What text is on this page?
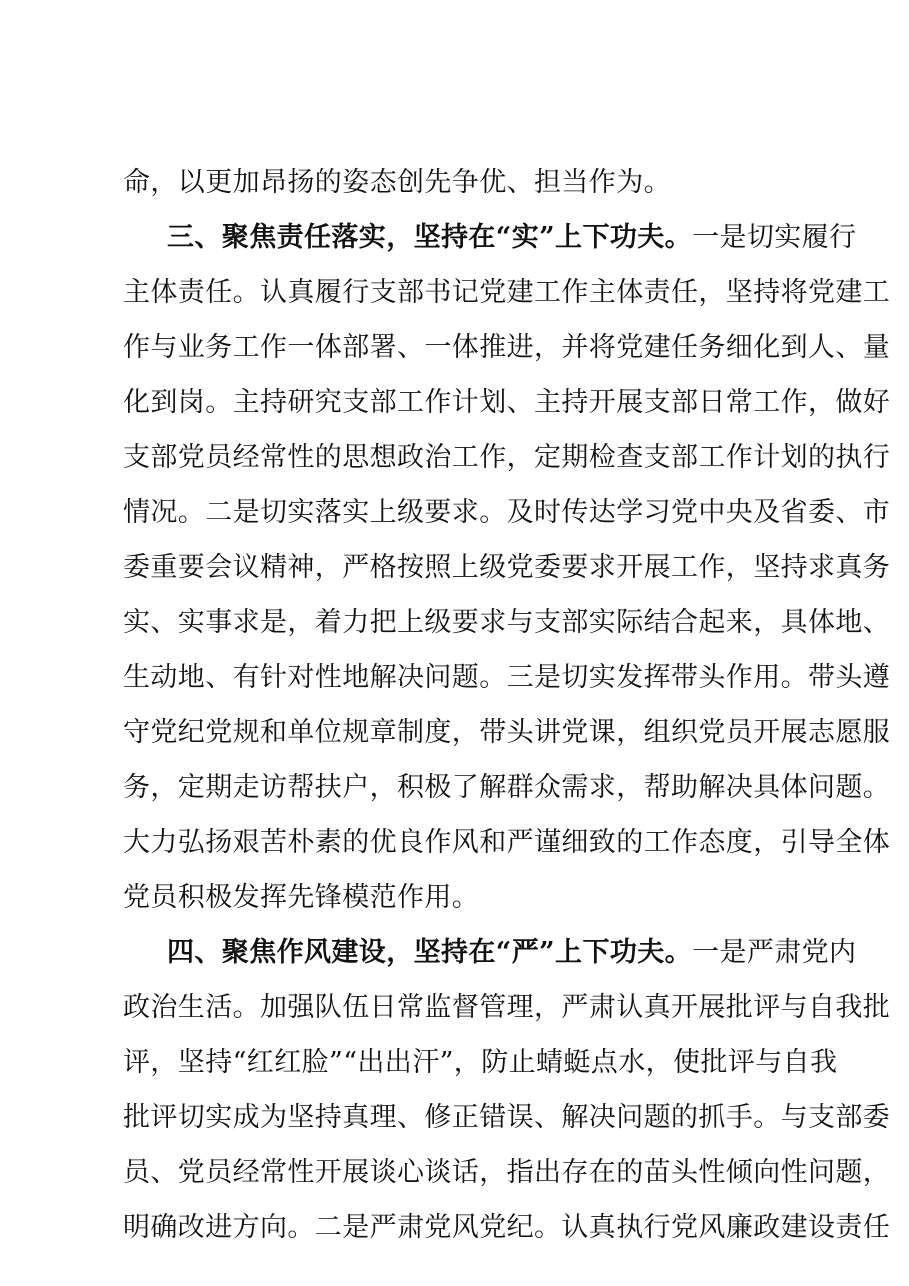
命，以更加昂扬的姿态创先争优、担当作为。
三、聚焦责任落实，坚持在“实”上下功夫。一是切实履行
主体责任。认真履行支部书记党建工作主体责任，坚持将党建工
作与业务工作一体部署、一体推进，并将党建任务细化到人、量
化到岗。主持研究支部工作计划、主持开展支部日常工作，做好
支部党员经常性的思想政治工作，定期检查支部工作计划的执行
情况。二是切实落实上级要求。及时传达学习党中央及省委、市
委重要会议精神，严格按照上级党委要求开展工作，坚持求真务
实、实事求是，着力把上级要求与支部实际结合起来，具体地、
生动地、有针对性地解决问题。三是切实发挥带头作用。带头遵
守党纪党规和单位规章制度，带头讲党课，组织党员开展志愿服
务，定期走访帮扶户，积极了解群众需求，帮助解决具体问题。
大力弘扬艰苦朴素的优良作风和严谨细致的工作态度，引导全体
党员积极发挥先锋模范作用。
四、聚焦作风建设，坚持在“严”上下功夫。一是严肃党内
政治生活。加强队伍日常监督管理，严肃认真开展批评与自我批
评，坚持“红红脸”“出出汗”，防止蜻蜓点水，使批评与自我
批评切实成为坚持真理、修正错误、解决问题的抓手。与支部委
员、党员经常性开展谈心谈话，指出存在的苗头性倾向性问题，
明确改进方向。二是严肃党风党纪。认真执行党风廉政建设责任
